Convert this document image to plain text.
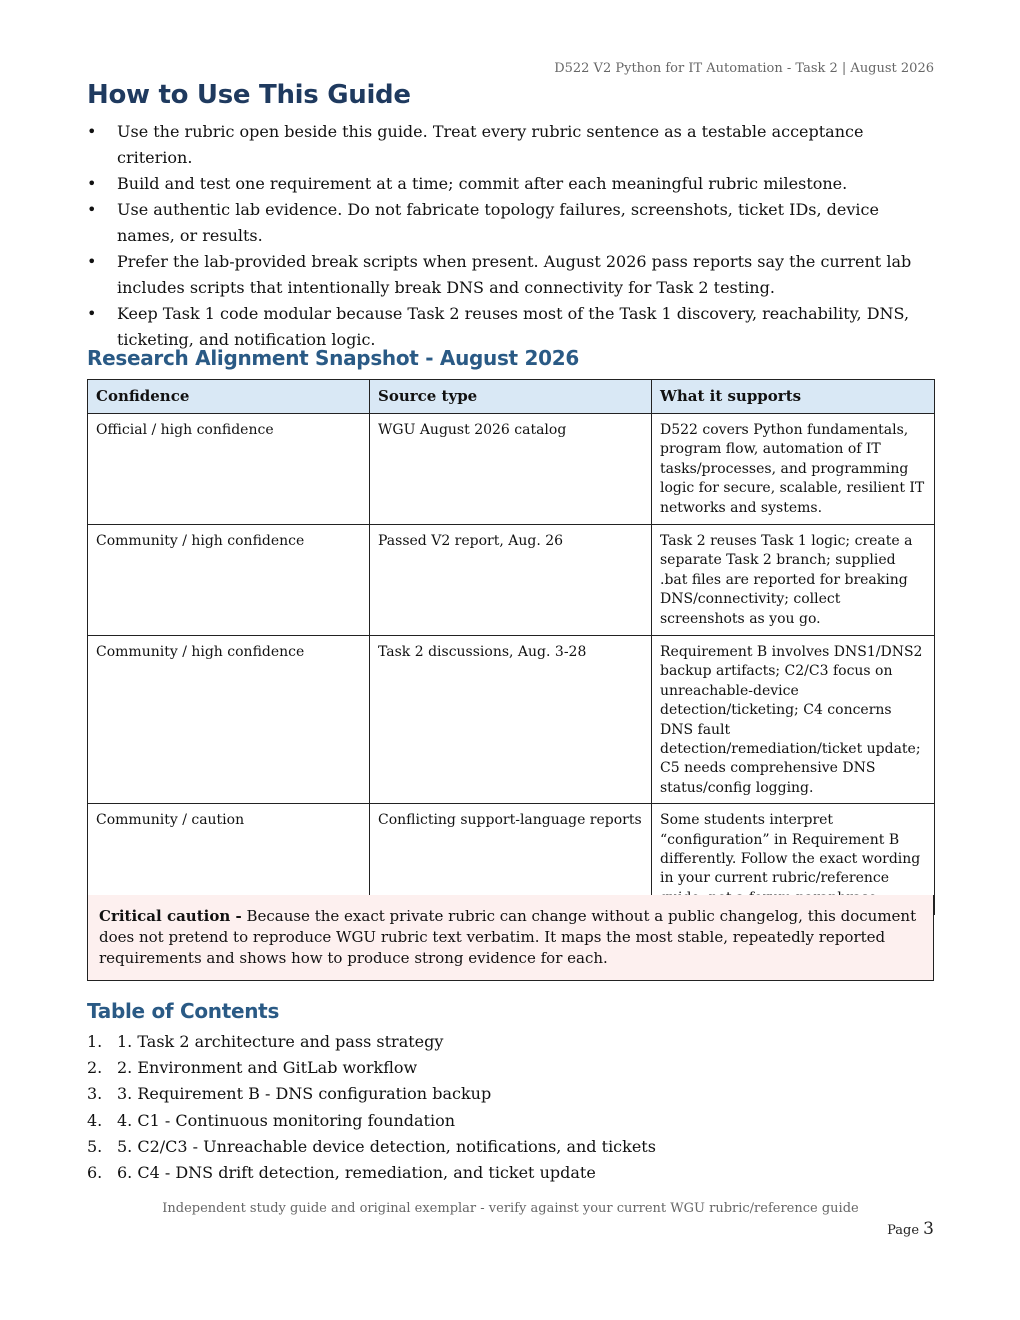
D522 V2 Python for IT Automation - Task 2 | August 2026
How to Use This Guide
• Use the rubric open beside this guide. Treat every rubric sentence as a testable acceptance criterion.
• Build and test one requirement at a time; commit after each meaningful rubric milestone.
• Use authentic lab evidence. Do not fabricate topology failures, screenshots, ticket IDs, device names, or results.
• Prefer the lab-provided break scripts when present. August 2026 pass reports say the current lab includes scripts that intentionally break DNS and connectivity for Task 2 testing.
• Keep Task 1 code modular because Task 2 reuses most of the Task 1 discovery, reachability, DNS, ticketing, and notification logic.
Research Alignment Snapshot - August 2026
Confidence	Source type	What it supports
Official / high confidence	WGU August 2026 catalog	D522 covers Python fundamentals, program flow, automation of IT tasks/processes, and programming logic for secure, scalable, resilient IT networks and systems.
Community / high confidence	Passed V2 report, Aug. 26	Task 2 reuses Task 1 logic; create a separate Task 2 branch; supplied .bat files are reported for breaking DNS/connectivity; collect screenshots as you go.
Community / high confidence	Task 2 discussions, Aug. 3-28	Requirement B involves DNS1/DNS2 backup artifacts; C2/C3 focus on unreachable-device detection/ticketing; C4 concerns DNS fault detection/remediation/ticket update; C5 needs comprehensive DNS status/config logging.
Community / caution	Conflicting support-language reports	Some students interpret “configuration” in Requirement B differently. Follow the exact wording in your current rubric/reference
Critical caution - Because the exact private rubric can change without a public changelog, this document does not pretend to reproduce WGU rubric text verbatim. It maps the most stable, repeatedly reported requirements and shows how to produce strong evidence for each.
Table of Contents
1. 1. Task 2 architecture and pass strategy
2. 2. Environment and GitLab workflow
3. 3. Requirement B - DNS configuration backup
4. 4. C1 - Continuous monitoring foundation
5. 5. C2/C3 - Unreachable device detection, notifications, and tickets
6. 6. C4 - DNS drift detection, remediation, and ticket update
Independent study guide and original exemplar - verify against your current WGU rubric/reference guide
Page 3
